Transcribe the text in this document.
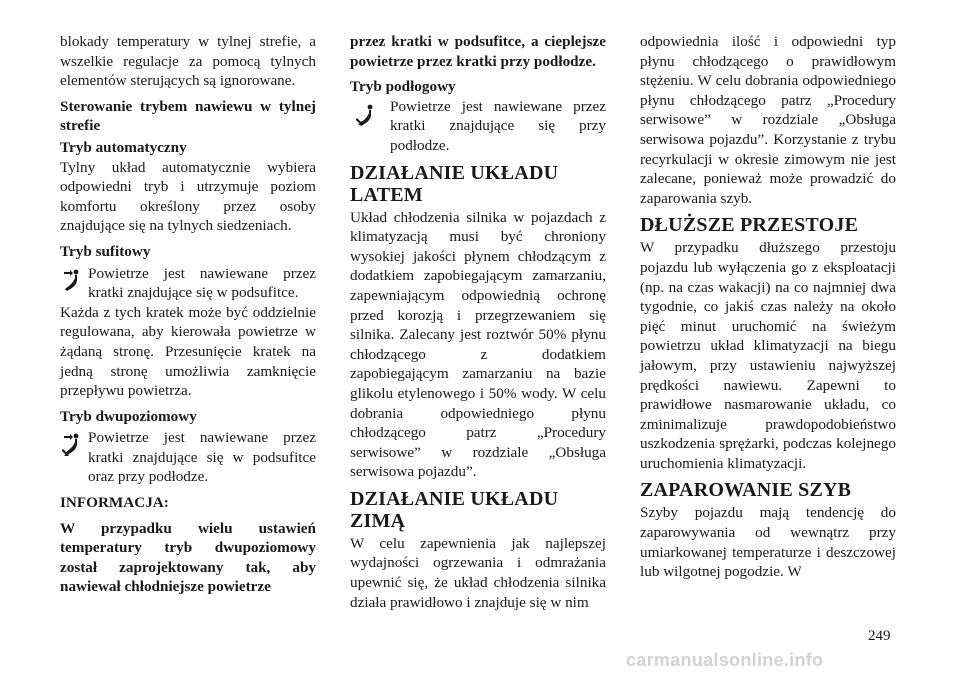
blokady temperatury w tylnej strefie, a wszelkie regulacje za pomocą tylnych elementów sterujących są ignorowane.

Sterowanie trybem nawiewu w tylnej strefie

Tryb automatyczny

Tylny układ automatycznie wybiera odpowiedni tryb i utrzymuje poziom komfortu określony przez osoby znajdujące się na tylnych siedzeniach.

Tryb sufitowy
Powietrze jest nawiewane przez kratki znajdujące się w podsufitce.

Każda z tych kratek może być oddzielnie regulowana, aby kierowała powietrze w żądaną stronę. Przesunięcie kratek na jedną stronę umożliwia zamknięcie przepływu powietrza.

Tryb dwupoziomowy
Powietrze jest nawiewane przez kratki znajdujące się w podsufitce oraz przy podłodze.
INFORMACJA:

W przypadku wielu ustawień temperatury tryb dwupoziomowy został zaprojektowany tak, aby nawiewał chłodniejsze powietrze

przez kratki w podsufitce, a cieplejsze powietrze przez kratki przy podłodze.

Tryb podłogowy
Powietrze jest nawiewane przez kratki znajdujące się przy podłodze.
DZIAŁANIE UKŁADU LATEM

Układ chłodzenia silnika w pojazdach z klimatyzacją musi być chroniony wysokiej jakości płynem chłodzącym z dodatkiem zapobiegającym zamarzaniu, zapewniającym odpowiednią ochronę przed korozją i przegrzewaniem się silnika. Zalecany jest roztwór 50% płynu chłodzącego z dodatkiem zapobiegającym zamarzaniu na bazie glikolu etylenowego i 50% wody. W celu dobrania odpowiedniego płynu chłodzącego patrz „Procedury serwisowe” w rozdziale „Obsługa serwisowa pojazdu”.

DZIAŁANIE UKŁADU ZIMĄ

W celu zapewnienia jak najlepszej wydajności ogrzewania i odmrażania upewnić się, że układ chłodzenia silnika działa prawidłowo i znajduje się w nim

odpowiednia ilość i odpowiedni typ płynu chłodzącego o prawidłowym stężeniu. W celu dobrania odpowiedniego płynu chłodzącego patrz „Procedury serwisowe” w rozdziale „Obsługa serwisowa pojazdu”. Korzystanie z trybu recyrkulacji w okresie zimowym nie jest zalecane, ponieważ może prowadzić do zaparowania szyb.

DŁUŻSZE PRZESTOJE

W przypadku dłuższego przestoju pojazdu lub wyłączenia go z eksploatacji (np. na czas wakacji) na co najmniej dwa tygodnie, co jakiś czas należy na około pięć minut uruchomić na świeżym powietrzu układ klimatyzacji na biegu jałowym, przy ustawieniu najwyższej prędkości nawiewu. Zapewni to prawidłowe nasmarowanie układu, co zminimalizuje prawdopodobieństwo uszkodzenia sprężarki, podczas kolejnego uruchomienia klimatyzacji.

ZAPAROWANIE SZYB

Szyby pojazdu mają tendencję do zaparowywania od wewnątrz przy umiarkowanej temperaturze i deszczowej lub wilgotnej pogodzie. W

249
carmanualsonline.info
